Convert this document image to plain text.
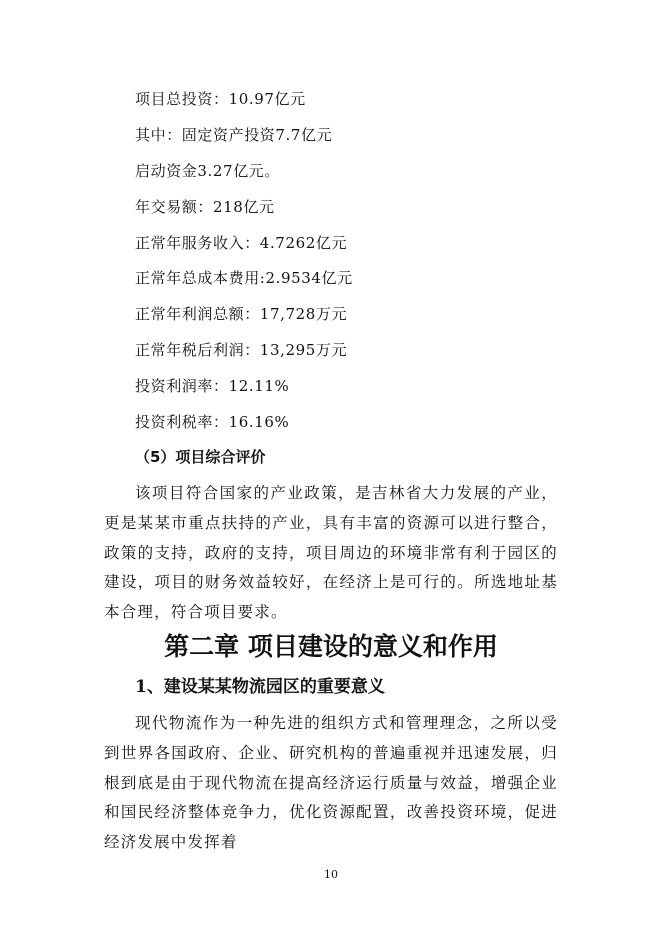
项目总投资：10.97亿元
其中：固定资产投资7.7亿元
启动资金3.27亿元。
年交易额：218亿元
正常年服务收入：4.7262亿元
正常年总成本费用:2.9534亿元
正常年利润总额：17,728万元
正常年税后利润：13,295万元
投资利润率：12.11%
投资利税率：16.16%
（5）项目综合评价

该项目符合国家的产业政策，是吉林省大力发展的产业，更是某某市重点扶持的产业，具有丰富的资源可以进行整合，政策的支持，政府的支持，项目周边的环境非常有利于园区的建设，项目的财务效益较好，在经济上是可行的。所选地址基本合理，符合项目要求。

第二章 项目建设的意义和作用
1、建设某某物流园区的重要意义

现代物流作为一种先进的组织方式和管理理念，之所以受到世界各国政府、企业、研究机构的普遍重视并迅速发展，归根到底是由于现代物流在提高经济运行质量与效益，增强企业和国民经济整体竞争力，优化资源配置，改善投资环境，促进经济发展中发挥着

10
